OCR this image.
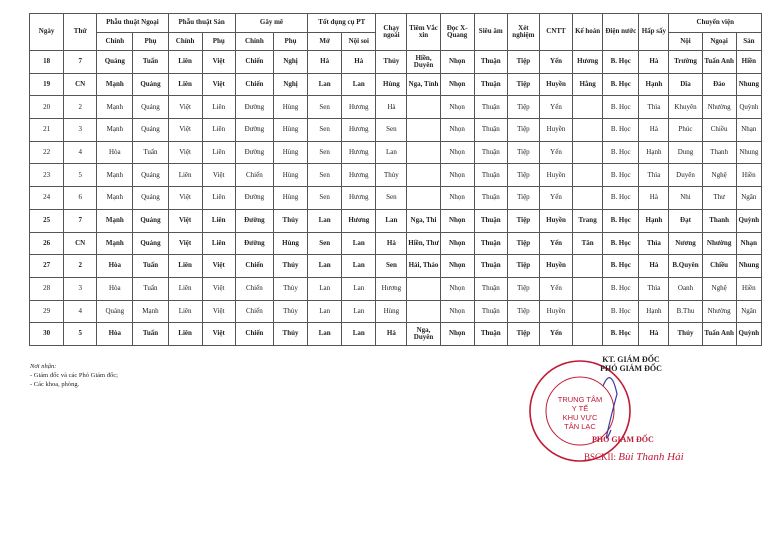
Ngày	Thứ	Phẫu thuật Ngoại		Phẫu thuật Sản		Gây mê		Tốt dụng cụ PT		Chạy ngoài	Tiêm Vắc xin	Đọc X-Quang	Siêu âm	Xét nghiệm	CNTT	Kế hoán	Điện nước	Hấp sấy	Chuyển viện		
		Chính	Phụ	Chính	Phụ	Chính	Phụ	Mở	Nội soi										Nội	Ngoại	Sản
18	7	Quảng	Tuấn	Liên	Việt	Chiến	Nghị	Hà	Hà	Thủy	Hiền, Duyên	Nhọn	Thuận	Tiệp	Yến	Hương	B. Học	Hà	Trường	Tuấn Anh	Hiền
19	CN	Mạnh	Quảng	Liên	Việt	Chiến	Nghị	Lan	Lan	Hùng	Nga, Tỉnh	Nhọn	Thuận	Tiệp	Huyền	Hằng	B. Học	Hạnh	Dĩa	Đảo	Nhung
20	2	Mạnh	Quảng	Việt	Liên	Đường	Hùng	Sen	Hương	Hà		Nhọn	Thuận	Tiệp	Yến		B. Học	Thìa	Khuyên	Nhường	Quỳnh
21	3	Mạnh	Quảng	Việt	Liên	Đường	Hùng	Sen	Hương	Sen		Nhọn	Thuận	Tiệp	Huyền		B. Học	Hà	Phúc	Chiều	Nhạn
22	4	Hòa	Tuấn	Việt	Liên	Đường	Hùng	Sen	Hương	Lan		Nhọn	Thuận	Tiệp	Yến		B. Học	Hạnh	Dung	Thanh	Nhung
23	5	Mạnh	Quảng	Liên	Việt	Chiến	Hùng	Sen	Hương	Thủy		Nhọn	Thuận	Tiệp	Huyền		B. Học	Thìa	Duyên	Nghệ	Hiền
24	6	Mạnh	Quảng	Việt	Liên	Đường	Hùng	Sen	Hương	Sen		Nhọn	Thuận	Tiệp	Yến		B. Học	Hà	Nhi	Thư	Ngân
25	7	Mạnh	Quảng	Việt	Liên	Đường	Thúy	Lan	Hương	Lan	Nga, Thi	Nhọn	Thuận	Tiệp	Huyền	Trang	B. Học	Hạnh	Đạt	Thanh	Quỳnh
26	CN	Mạnh	Quảng	Việt	Liên	Đường	Hùng	Sen	Lan	Hà	Hiền, Thư	Nhọn	Thuận	Tiệp	Yến	Tân	B. Học	Thìa	Nương	Nhường	Nhạn
27	2	Hòa	Tuấn	Liên	Việt	Chiến	Thủy	Lan	Lan	Sen	Hải, Thảo	Nhọn	Thuận	Tiệp	Huyền		B. Học	Hà	B.Quyên	Chiều	Nhung
28	3	Hòa	Tuấn	Liên	Việt	Chiến	Thủy	Lan	Lan	Hương		Nhọn	Thuận	Tiệp	Yến		B. Học	Thìa	Oanh	Nghệ	Hiền
29	4	Quảng	Mạnh	Liên	Việt	Chiến	Thủy	Lan	Lan	Hùng		Nhọn	Thuận	Tiệp	Huyền		B. Học	Hạnh	B.Thu	Nhường	Ngân
30	5	Hòa	Tuấn	Liên	Việt	Chiến	Thúy	Lan	Lan	Hà	Nga, Duyên	Nhọn	Thuận	Tiệp	Yến		B. Học	Hà	Thủy	Tuấn Anh	Quỳnh
Nơi nhận:
- Giám đốc và các Phó Giám đốc;
- Các khoa, phòng.
TRUNG TÂM
Y TẾ
KHU VỰC
TÂN LẠC
KT. GIÁM ĐỐC
PHÓ GIÁM ĐỐC
PHÓ GIÁM ĐỐC
BSCKII: Bùi Thanh Hải
